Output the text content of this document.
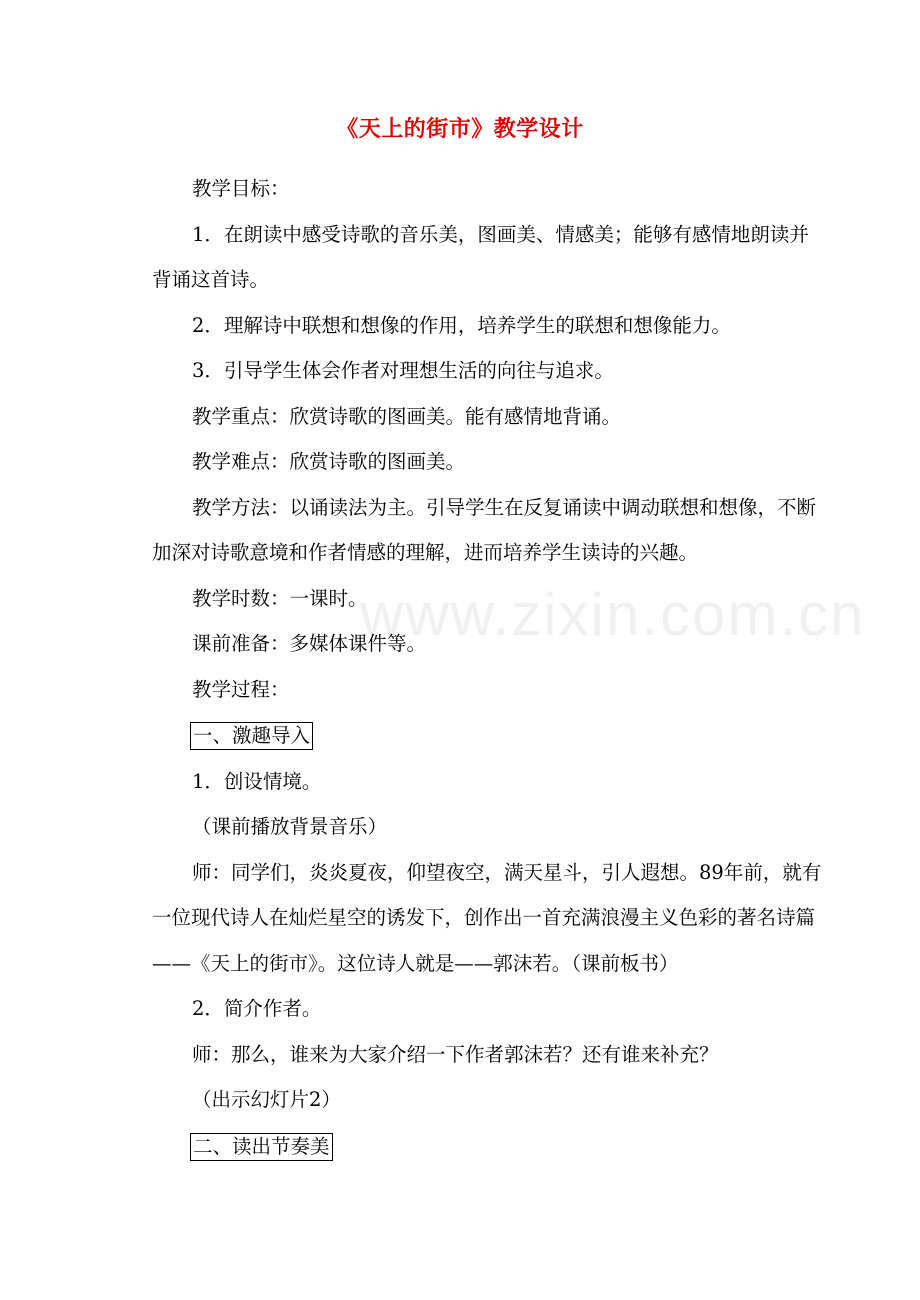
www.zixin.com.cn
《天上的街市》教学设计

教学目标：

1．在朗读中感受诗歌的音乐美，图画美、情感美；能够有感情地朗读并背诵这首诗。

2．理解诗中联想和想像的作用，培养学生的联想和想像能力。

3．引导学生体会作者对理想生活的向往与追求。

教学重点：欣赏诗歌的图画美。能有感情地背诵。

教学难点：欣赏诗歌的图画美。

教学方法：以诵读法为主。引导学生在反复诵读中调动联想和想像，不断加深对诗歌意境和作者情感的理解，进而培养学生读诗的兴趣。

教学时数：一课时。

课前准备：多媒体课件等。

教学过程：

一、激趣导入

1．创设情境。

（课前播放背景音乐）

师：同学们，炎炎夏夜，仰望夜空，满天星斗，引人遐想。89年前，就有一位现代诗人在灿烂星空的诱发下，创作出一首充满浪漫主义色彩的著名诗篇——《天上的街市》。这位诗人就是——郭沫若。（课前板书）

2．简介作者。

师：那么，谁来为大家介绍一下作者郭沫若？还有谁来补充？

（出示幻灯片2）

二、读出节奏美
